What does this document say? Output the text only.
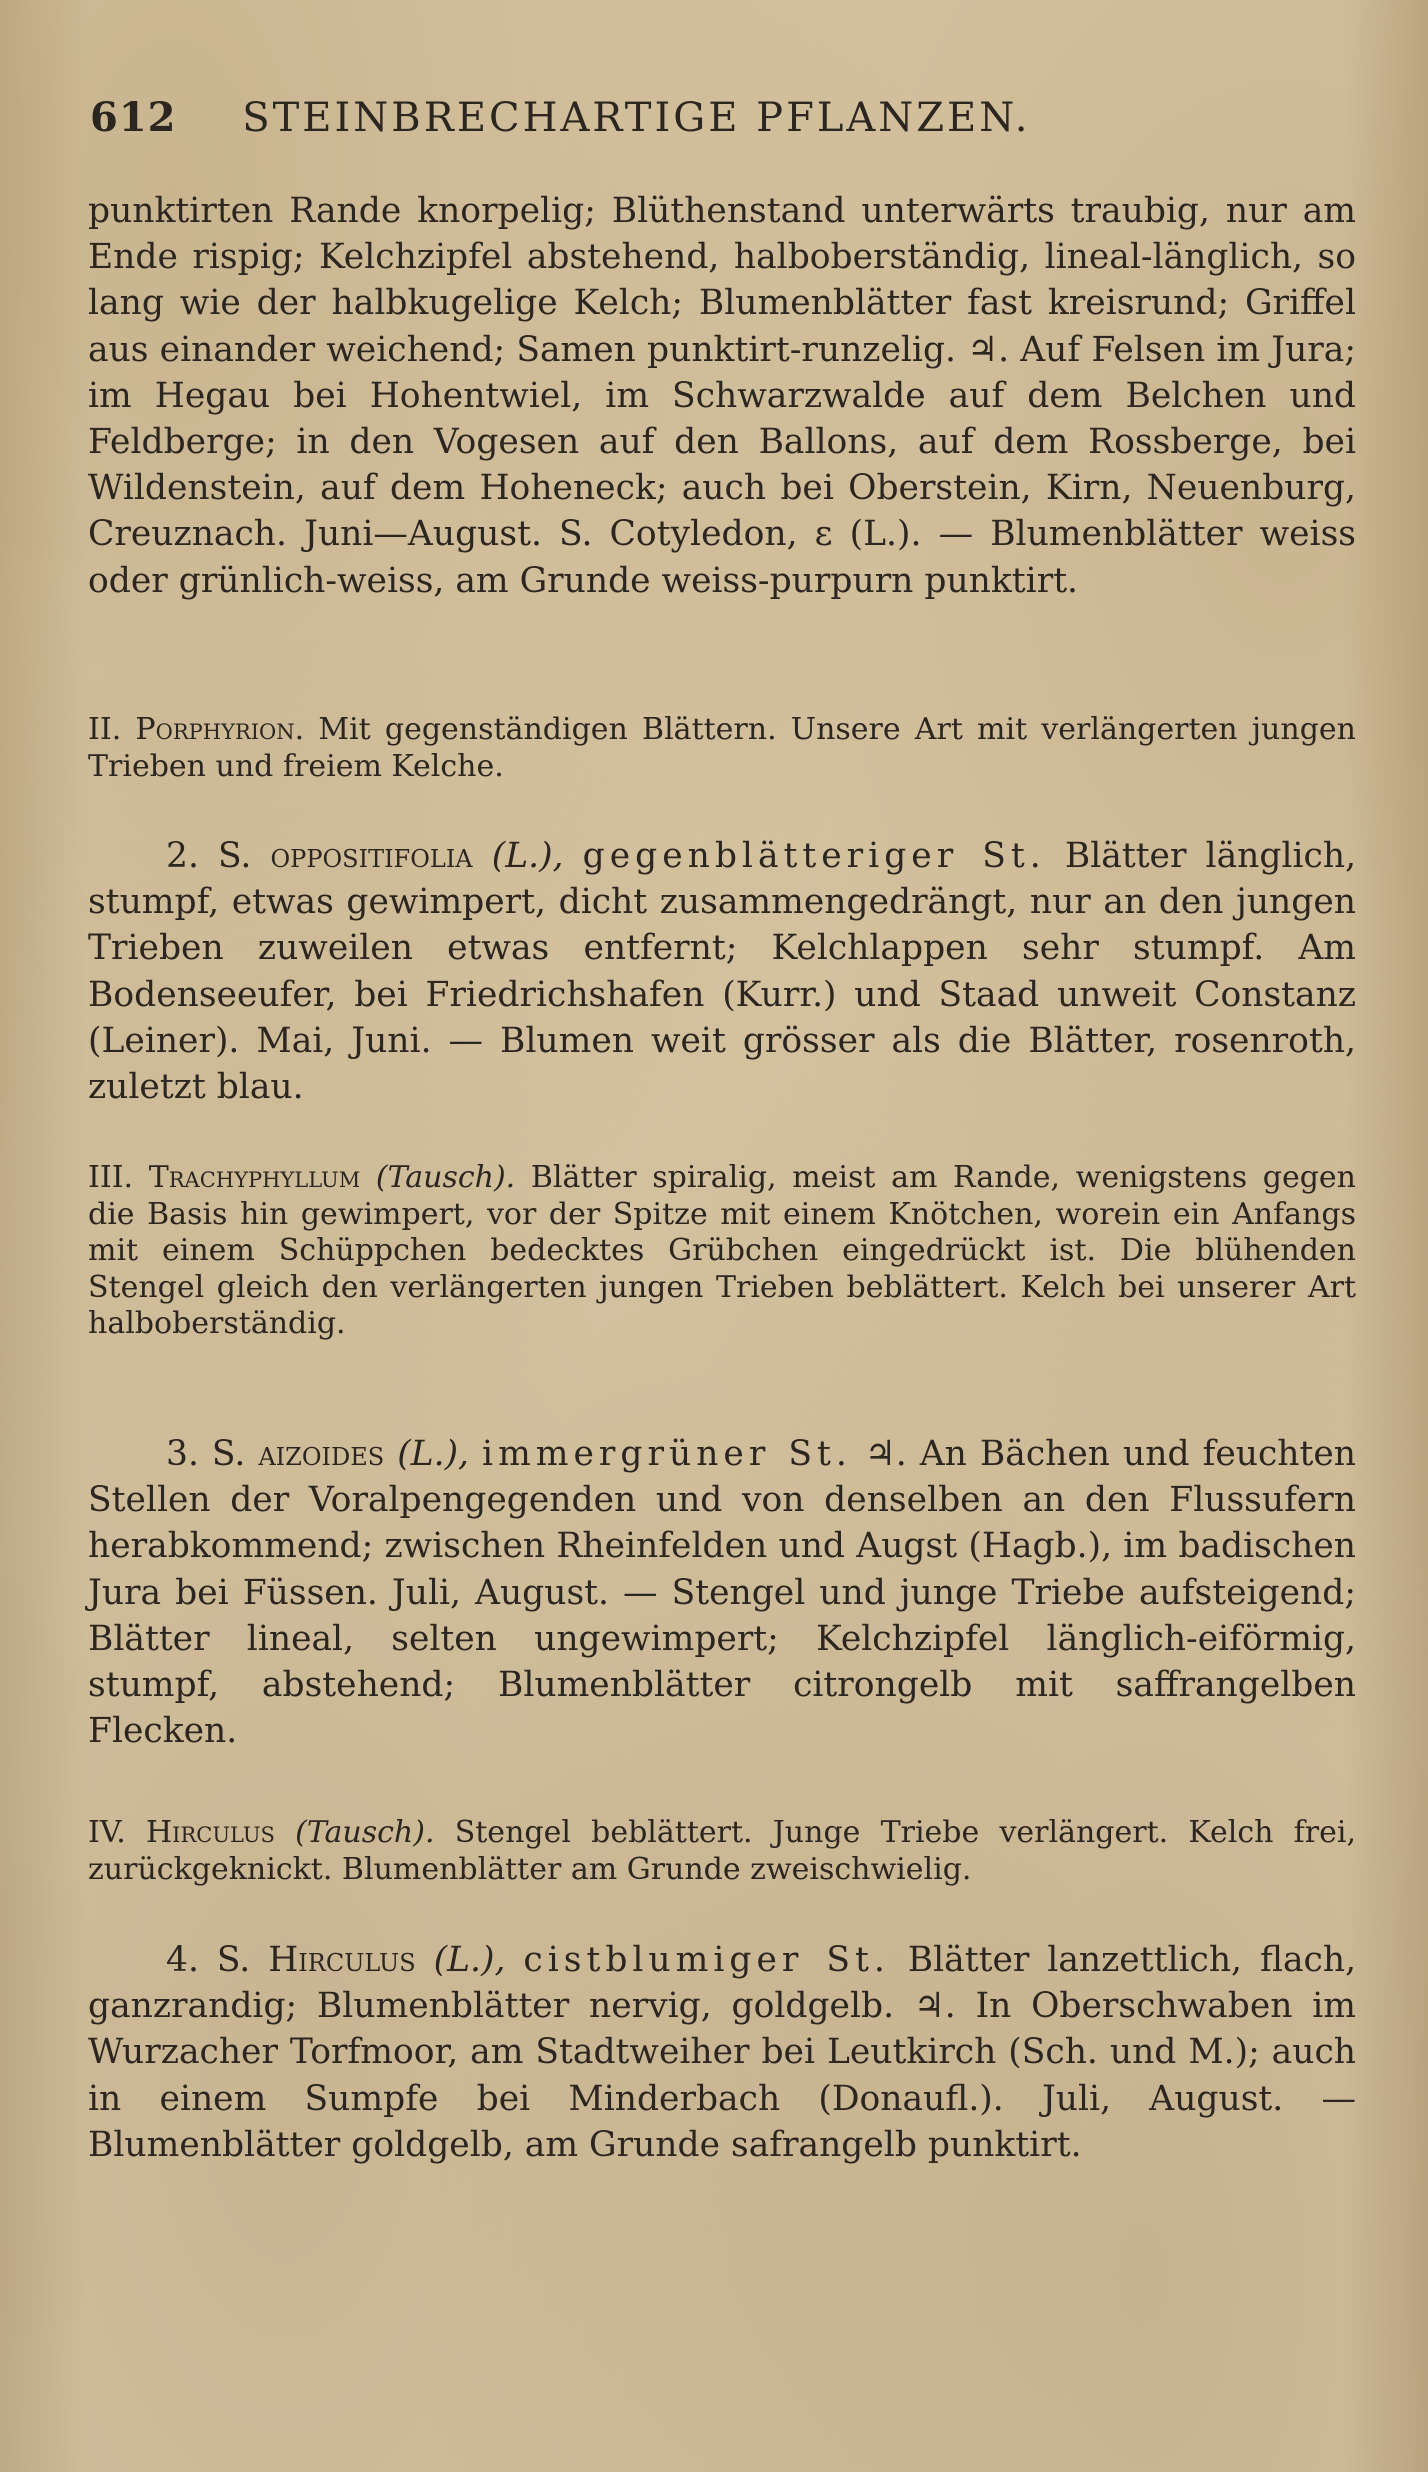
612 STEINBRECHARTIGE PFLANZEN.

punktirten Rande knorpelig; Blüthenstand unterwärts traubig, nur am Ende rispig; Kelchzipfel abstehend, halboberständig, lineal-länglich, so lang wie der halbkugelige Kelch; Blumenblätter fast kreisrund; Griffel aus einander weichend; Samen punktirt-runzelig. ♃. Auf Felsen im Jura; im Hegau bei Hohentwiel, im Schwarzwalde auf dem Belchen und Feldberge; in den Vogesen auf den Ballons, auf dem Rossberge, bei Wildenstein, auf dem Hoheneck; auch bei Oberstein, Kirn, Neuenburg, Creuznach. Juni—August. S. Cotyledon, ε (L.). — Blumenblätter weiss oder grünlich-weiss, am Grunde weiss-purpurn punktirt.

II. Porphyrion. Mit gegenständigen Blättern. Unsere Art mit verlängerten jungen Trieben und freiem Kelche.

2. S. oppositifolia (L.), gegenblätteriger St. Blätter länglich, stumpf, etwas gewimpert, dicht zusammengedrängt, nur an den jungen Trieben zuweilen etwas entfernt; Kelchlappen sehr stumpf. Am Bodenseeufer, bei Friedrichshafen (Kurr.) und Staad unweit Constanz (Leiner). Mai, Juni. — Blumen weit grösser als die Blätter, rosenroth, zuletzt blau.

III. Trachyphyllum (Tausch). Blätter spiralig, meist am Rande, wenigstens gegen die Basis hin gewimpert, vor der Spitze mit einem Knötchen, worein ein Anfangs mit einem Schüppchen bedecktes Grübchen eingedrückt ist. Die blühenden Stengel gleich den verlängerten jungen Trieben beblättert. Kelch bei unserer Art halboberständig.

3. S. aizoides (L.), immergrüner St. ♃. An Bächen und feuchten Stellen der Voralpengegenden und von denselben an den Flussufern herabkommend; zwischen Rheinfelden und Augst (Hagb.), im badischen Jura bei Füssen. Juli, August. — Stengel und junge Triebe aufsteigend; Blätter lineal, selten ungewimpert; Kelchzipfel länglich-eiförmig, stumpf, abstehend; Blumenblätter citrongelb mit saffrangelben Flecken.

IV. Hirculus (Tausch). Stengel beblättert. Junge Triebe verlängert. Kelch frei, zurückgeknickt. Blumenblätter am Grunde zweischwielig.

4. S. Hirculus (L.), cistblumiger St. Blätter lanzettlich, flach, ganzrandig; Blumenblätter nervig, goldgelb. ♃. In Oberschwaben im Wurzacher Torfmoor, am Stadtweiher bei Leutkirch (Sch. und M.); auch in einem Sumpfe bei Minderbach (Donaufl.). Juli, August. — Blumenblätter goldgelb, am Grunde safrangelb punktirt.
